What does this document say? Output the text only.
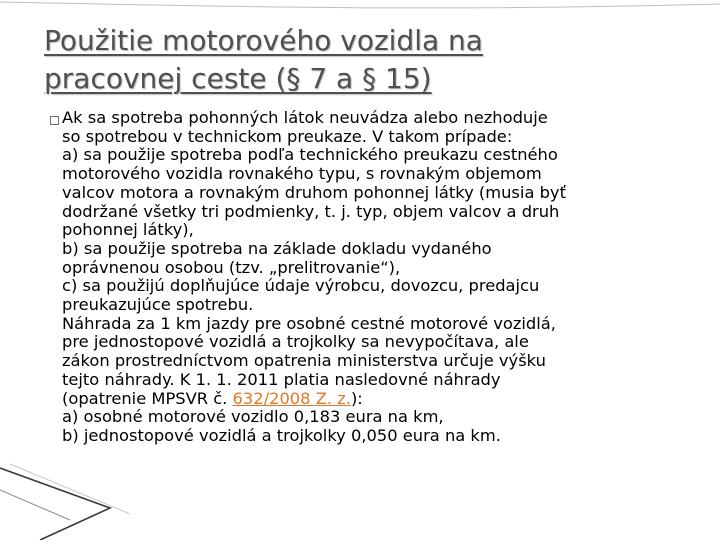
Použitie motorového vozidla na
pracovnej ceste (§ 7 a § 15)
Ak sa spotreba pohonných látok neuvádza alebo nezhoduje
so spotrebou v technickom preukaze. V takom prípade:
a) sa použije spotreba podľa technického preukazu cestného
motorového vozidla rovnakého typu, s rovnakým objemom
valcov motora a rovnakým druhom pohonnej látky (musia byť
dodržané všetky tri podmienky, t. j. typ, objem valcov a druh
pohonnej látky),
b) sa použije spotreba na základe dokladu vydaného
oprávnenou osobou (tzv. „prelitrovanie“),
c) sa použijú doplňujúce údaje výrobcu, dovozcu, predajcu
preukazujúce spotrebu.
Náhrada za 1 km jazdy pre osobné cestné motorové vozidlá,
pre jednostopové vozidlá a trojkolky sa nevypočítava, ale
zákon prostredníctvom opatrenia ministerstva určuje výšku
tejto náhrady. K 1. 1. 2011 platia nasledovné náhrady
(opatrenie MPSVR č. 632/2008 Z. z.):
a) osobné motorové vozidlo 0,183 eura na km,
b) jednostopové vozidlá a trojkolky 0,050 eura na km.
